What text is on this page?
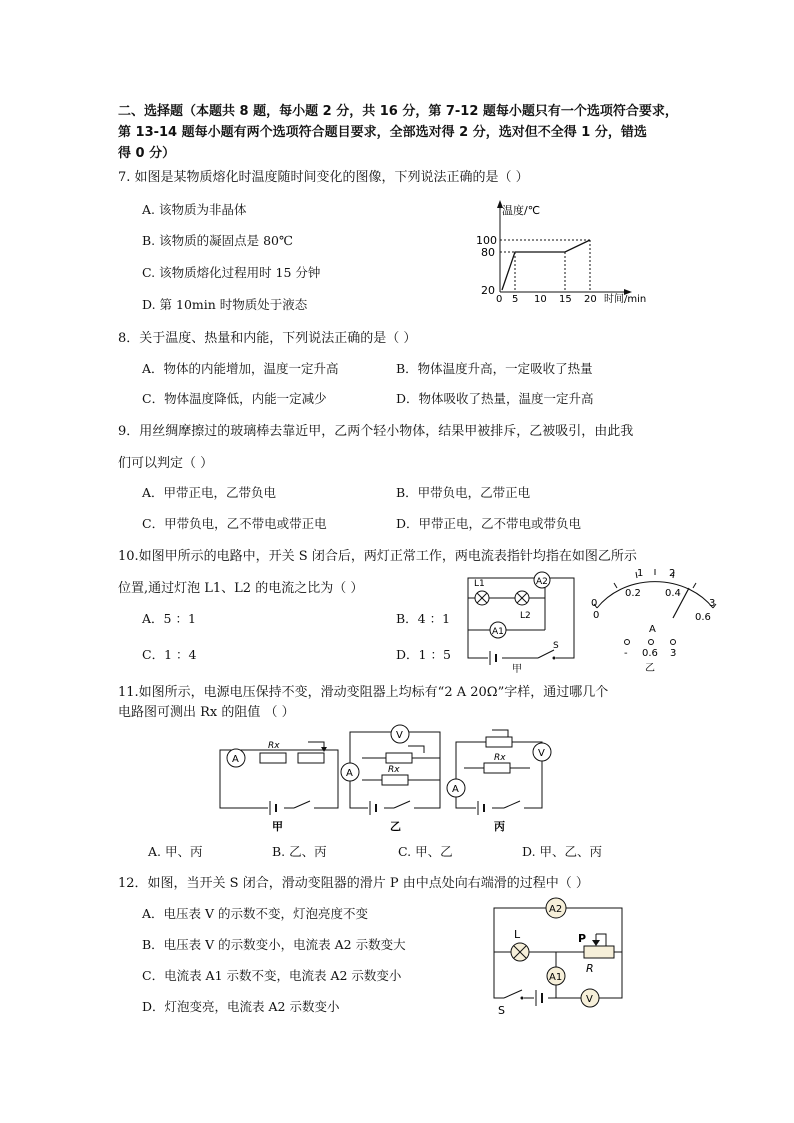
二、选择题（本题共 8 题，每小题 2 分，共 16 分，第 7-12 题每小题只有一个选项符合要求，
第 13-14 题每小题有两个选项符合题目要求，全部选对得 2 分，选对但不全得 1 分，错选
得 0 分）
7. 如图是某物质熔化时温度随时间变化的图像，下列说法正确的是（ ）
A. 该物质为非晶体
B. 该物质的凝固点是 80℃
C. 该物质熔化过程用时 15 分钟
D. 第 10min 时物质处于液态
温度/℃
时间/min
100
80
20
0 5 10 15 20
8．关于温度、热量和内能，下列说法正确的是（ ）
A．物体的内能增加，温度一定升高	B．物体温度升高，一定吸收了热量
C．物体温度降低，内能一定减少	D．物体吸收了热量，温度一定升高
9．用丝绸摩擦过的玻璃棒去靠近甲，乙两个轻小物体，结果甲被排斥，乙被吸引，由此我
们可以判定（ ）
A．甲带正电，乙带负电	B．甲带负电，乙带正电
C．甲带负电，乙不带电或带正电	D．甲带正电，乙不带电或带负电
10.如图甲所示的电路中，开关 S 闭合后，两灯正常工作，两电流表指针均指在如图乙所示
位置,通过灯泡 L1、L2 的电流之比为（ ）
A．5 ：1	B．4 ：1
C．1 ：4	D．1 ：5
A2
L1
L2
A1
S
甲
0
0.2 0.4
0.6
0
1	2
3
A
- 0.6 3
乙
11.如图所示，电源电压保持不变，滑动变阻器上均标有“2 A 20Ω”字样，通过哪几个
电路图可测出 Rx 的阻值 （ ）
A
Rx
甲
V
A	Rx
乙
V
Rx
A
丙
A. 甲、丙	B. 乙、丙	C. 甲、乙	D. 甲、乙、丙
12．如图，当开关 S 闭合，滑动变阻器的滑片 P 由中点处向右端滑的过程中（ ）
A．电压表 V 的示数不变，灯泡亮度不变
B．电压表 V 的示数变小，电流表 A2 示数变大
C．电流表 A1 示数不变，电流表 A2 示数变小
D．灯泡变亮，电流表 A2 示数变小
A2
L
A1
P
R
S
V
